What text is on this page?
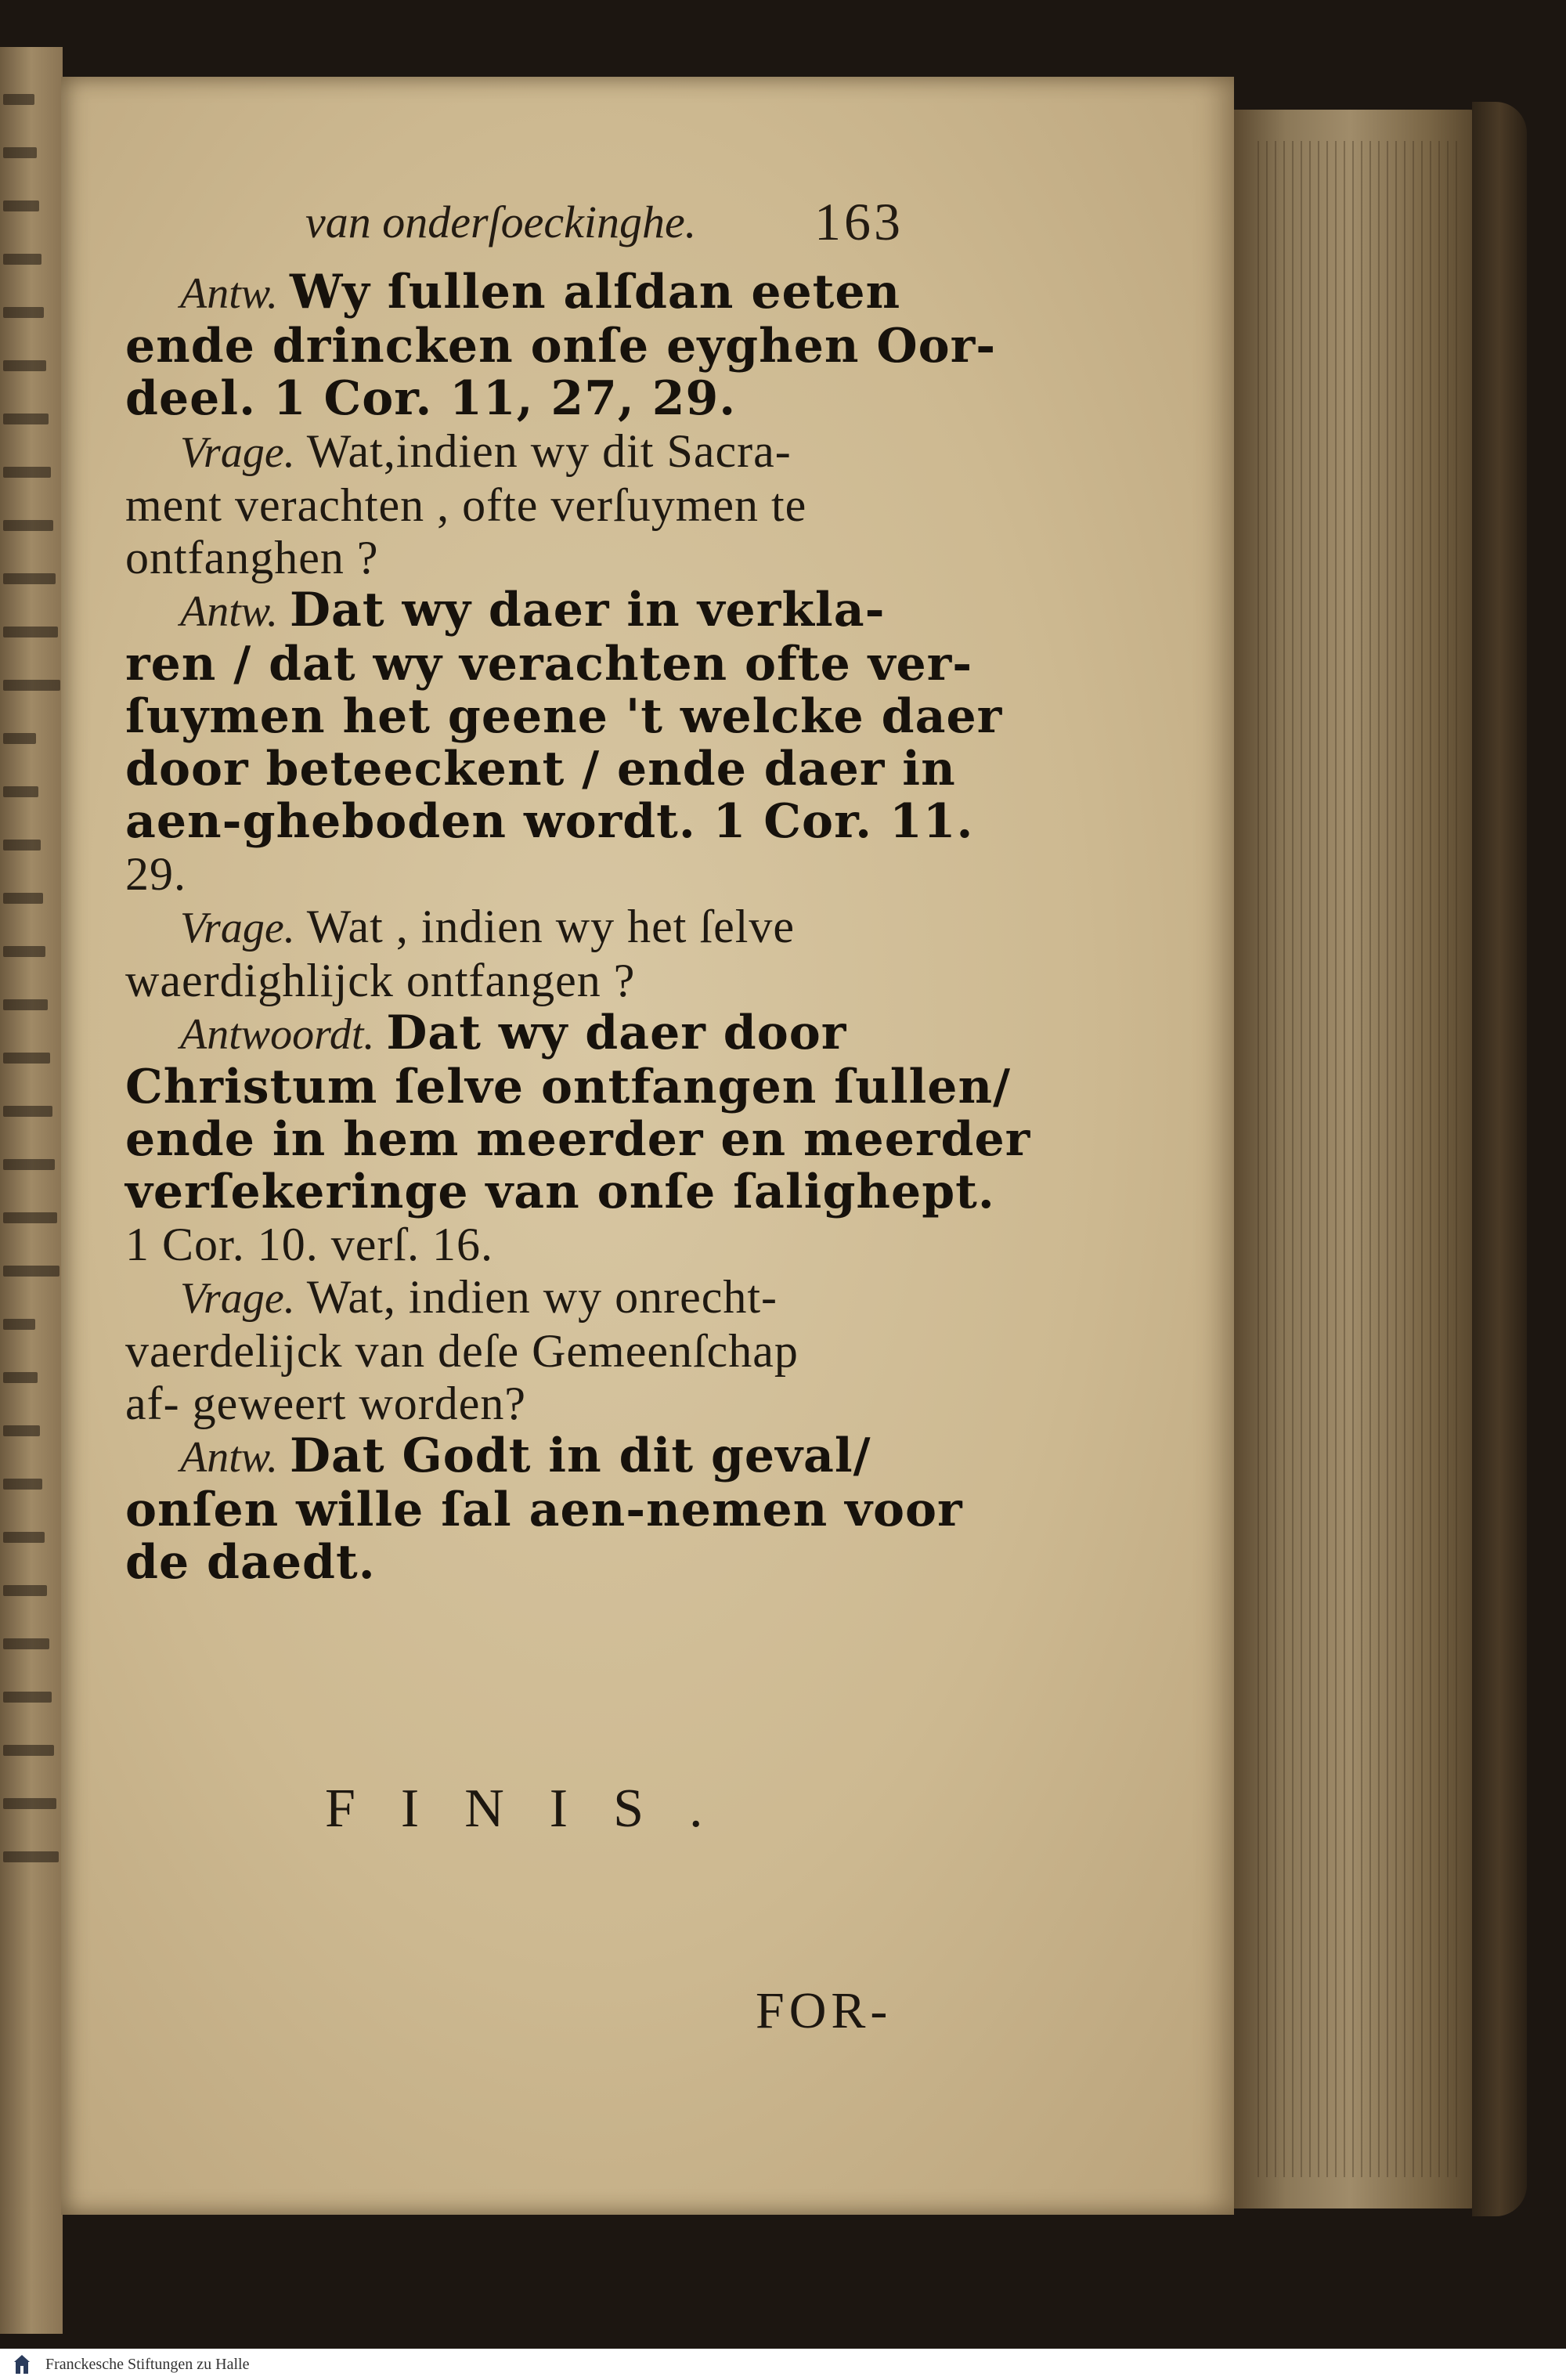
van onderſoeckinghe. 163
Antw. Wy ſullen alſdan eeten
ende drincken onſe eyghen Oor-
deel. 1 Cor. 11, 27, 29.
Vrage. Wat,indien wy dit Sacra-
ment verachten , ofte verſuymen te
ontfanghen ?
Antw. Dat wy daer in verkla-
ren / dat wy verachten ofte ver-
ſuymen het geene 't welcke daer
door beteeckent / ende daer in
aen-gheboden wordt. 1 Cor. 11.
29.
Vrage. Wat , indien wy het ſelve
waerdighlijck ontfangen ?
Antwoordt. Dat wy daer door
Christum ſelve ontfangen ſullen/
ende in hem meerder en meerder
verſekeringe van onſe ſalighept.
1 Cor. 10. verſ. 16.
Vrage. Wat, indien wy onrecht-
vaerdelijck van deſe Gemeenſchap
af- geweert worden?
Antw. Dat Godt in dit geval/
onſen wille ſal aen-nemen voor
de daedt.
FINIS.
FOR-
Franckesche Stiftungen zu Halle
